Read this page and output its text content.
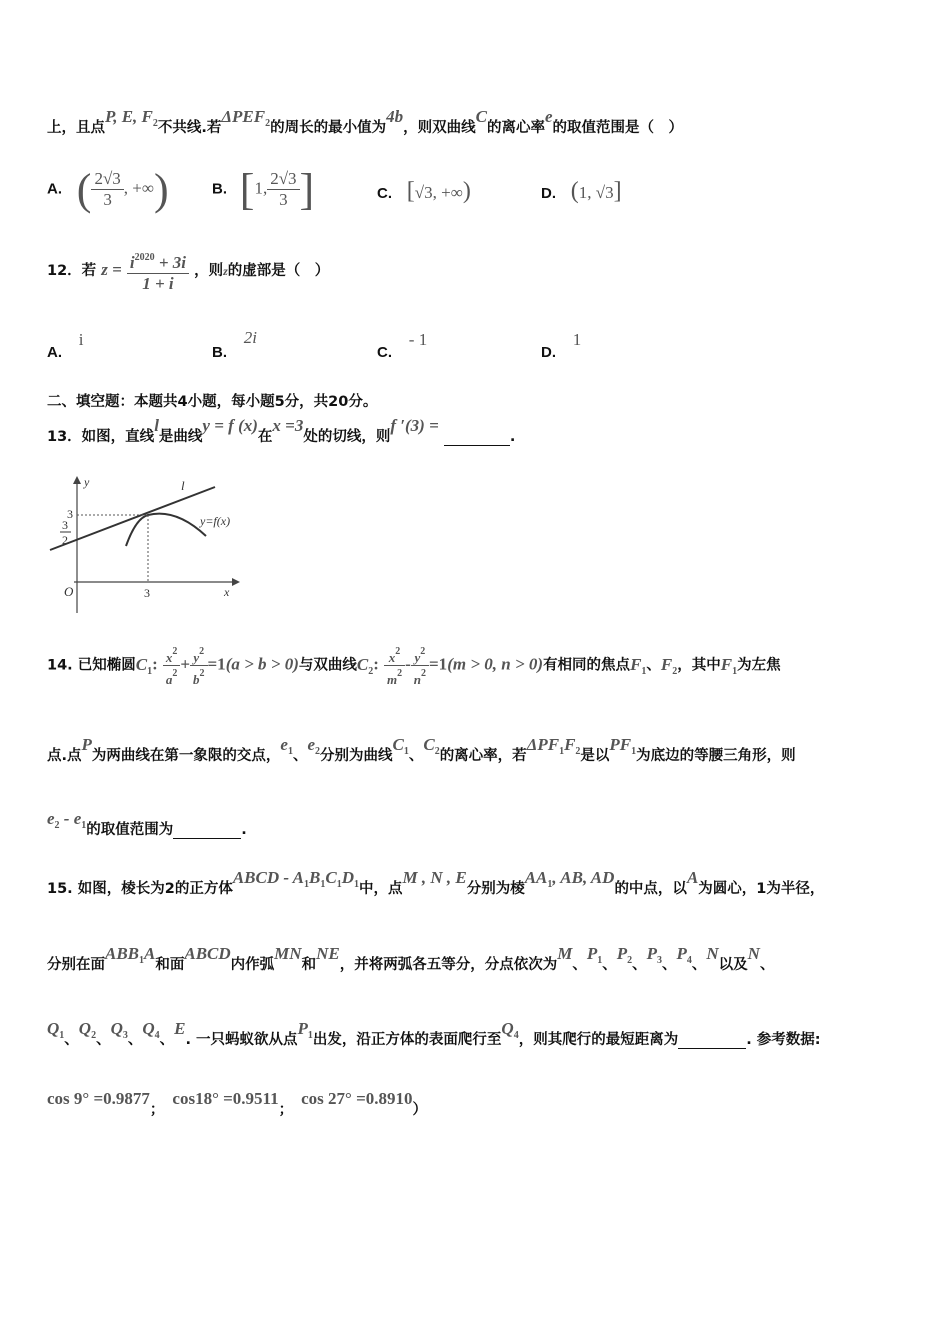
上，且点P, E, $F_2$不共线.若$\Delta PEF_2$的周长的最小值为4b，则双曲线C的离心率e的取值范围是（　）
A. ( $\frac{2√3}{3}$ , +∞)	B. [1, $\frac{2√3}{3}$ ]	C. [√3, +∞)	D. (1, √3]
12．若 $z = \frac{i^{2020} + 3i}{1 + i}$ ，则z的虚部是（　）
A. i
B. 2i
C. - 1
D. 1
二、填空题：本题共4小题，每小题5分，共20分。
13．如图，直线l是曲线y = f (x)在x =3处的切线，则f ′(3) =  .
y
x
O
l
y=f(x)
3
3
3
2
14. 已知椭圆$C_1$: $\frac{x^2}{a^2} + \frac{y^2}{b^2} =1(a > b > 0)$与双曲线$C_2$: $\frac{x^2}{m^2} - \frac{y^2}{n^2} =1(m > 0$, n > 0)有相同的焦点$F_1$、$F_2$，其中$F_1$为左焦
点.点P为两曲线在第一象限的交点，$e_1$、$e_2$分别为曲线$C_1$、$C_2$的离心率，若$\Delta PF_1F_2$是以$PF_1$为底边的等腰三角形，则
$e_2 - e_1$的取值范围为	.
15. 如图，棱长为2的正方体ABCD - $A_1B_1C_1D_1$中，点M , N , E分别为棱$AA_1$, AB, AD的中点，以A为圆心，1为半径，
分别在面$ABB_1A$和面ABCD内作弧MN和NE，并将两弧各五等分，分点依次为M、$P_1$、$P_2$、$P_3$、$P_4$、N以及N、
$Q_1$、$Q_2$、$Q_3$、$Q_4$、E. 一只蚂蚁欲从点$P_1$出发，沿正方体的表面爬行至$Q_4$，则其爬行的最短距离为	. 参考数据:
cos 9° =0.9877；cos18° =0.9511；cos 27° =0.8910）
